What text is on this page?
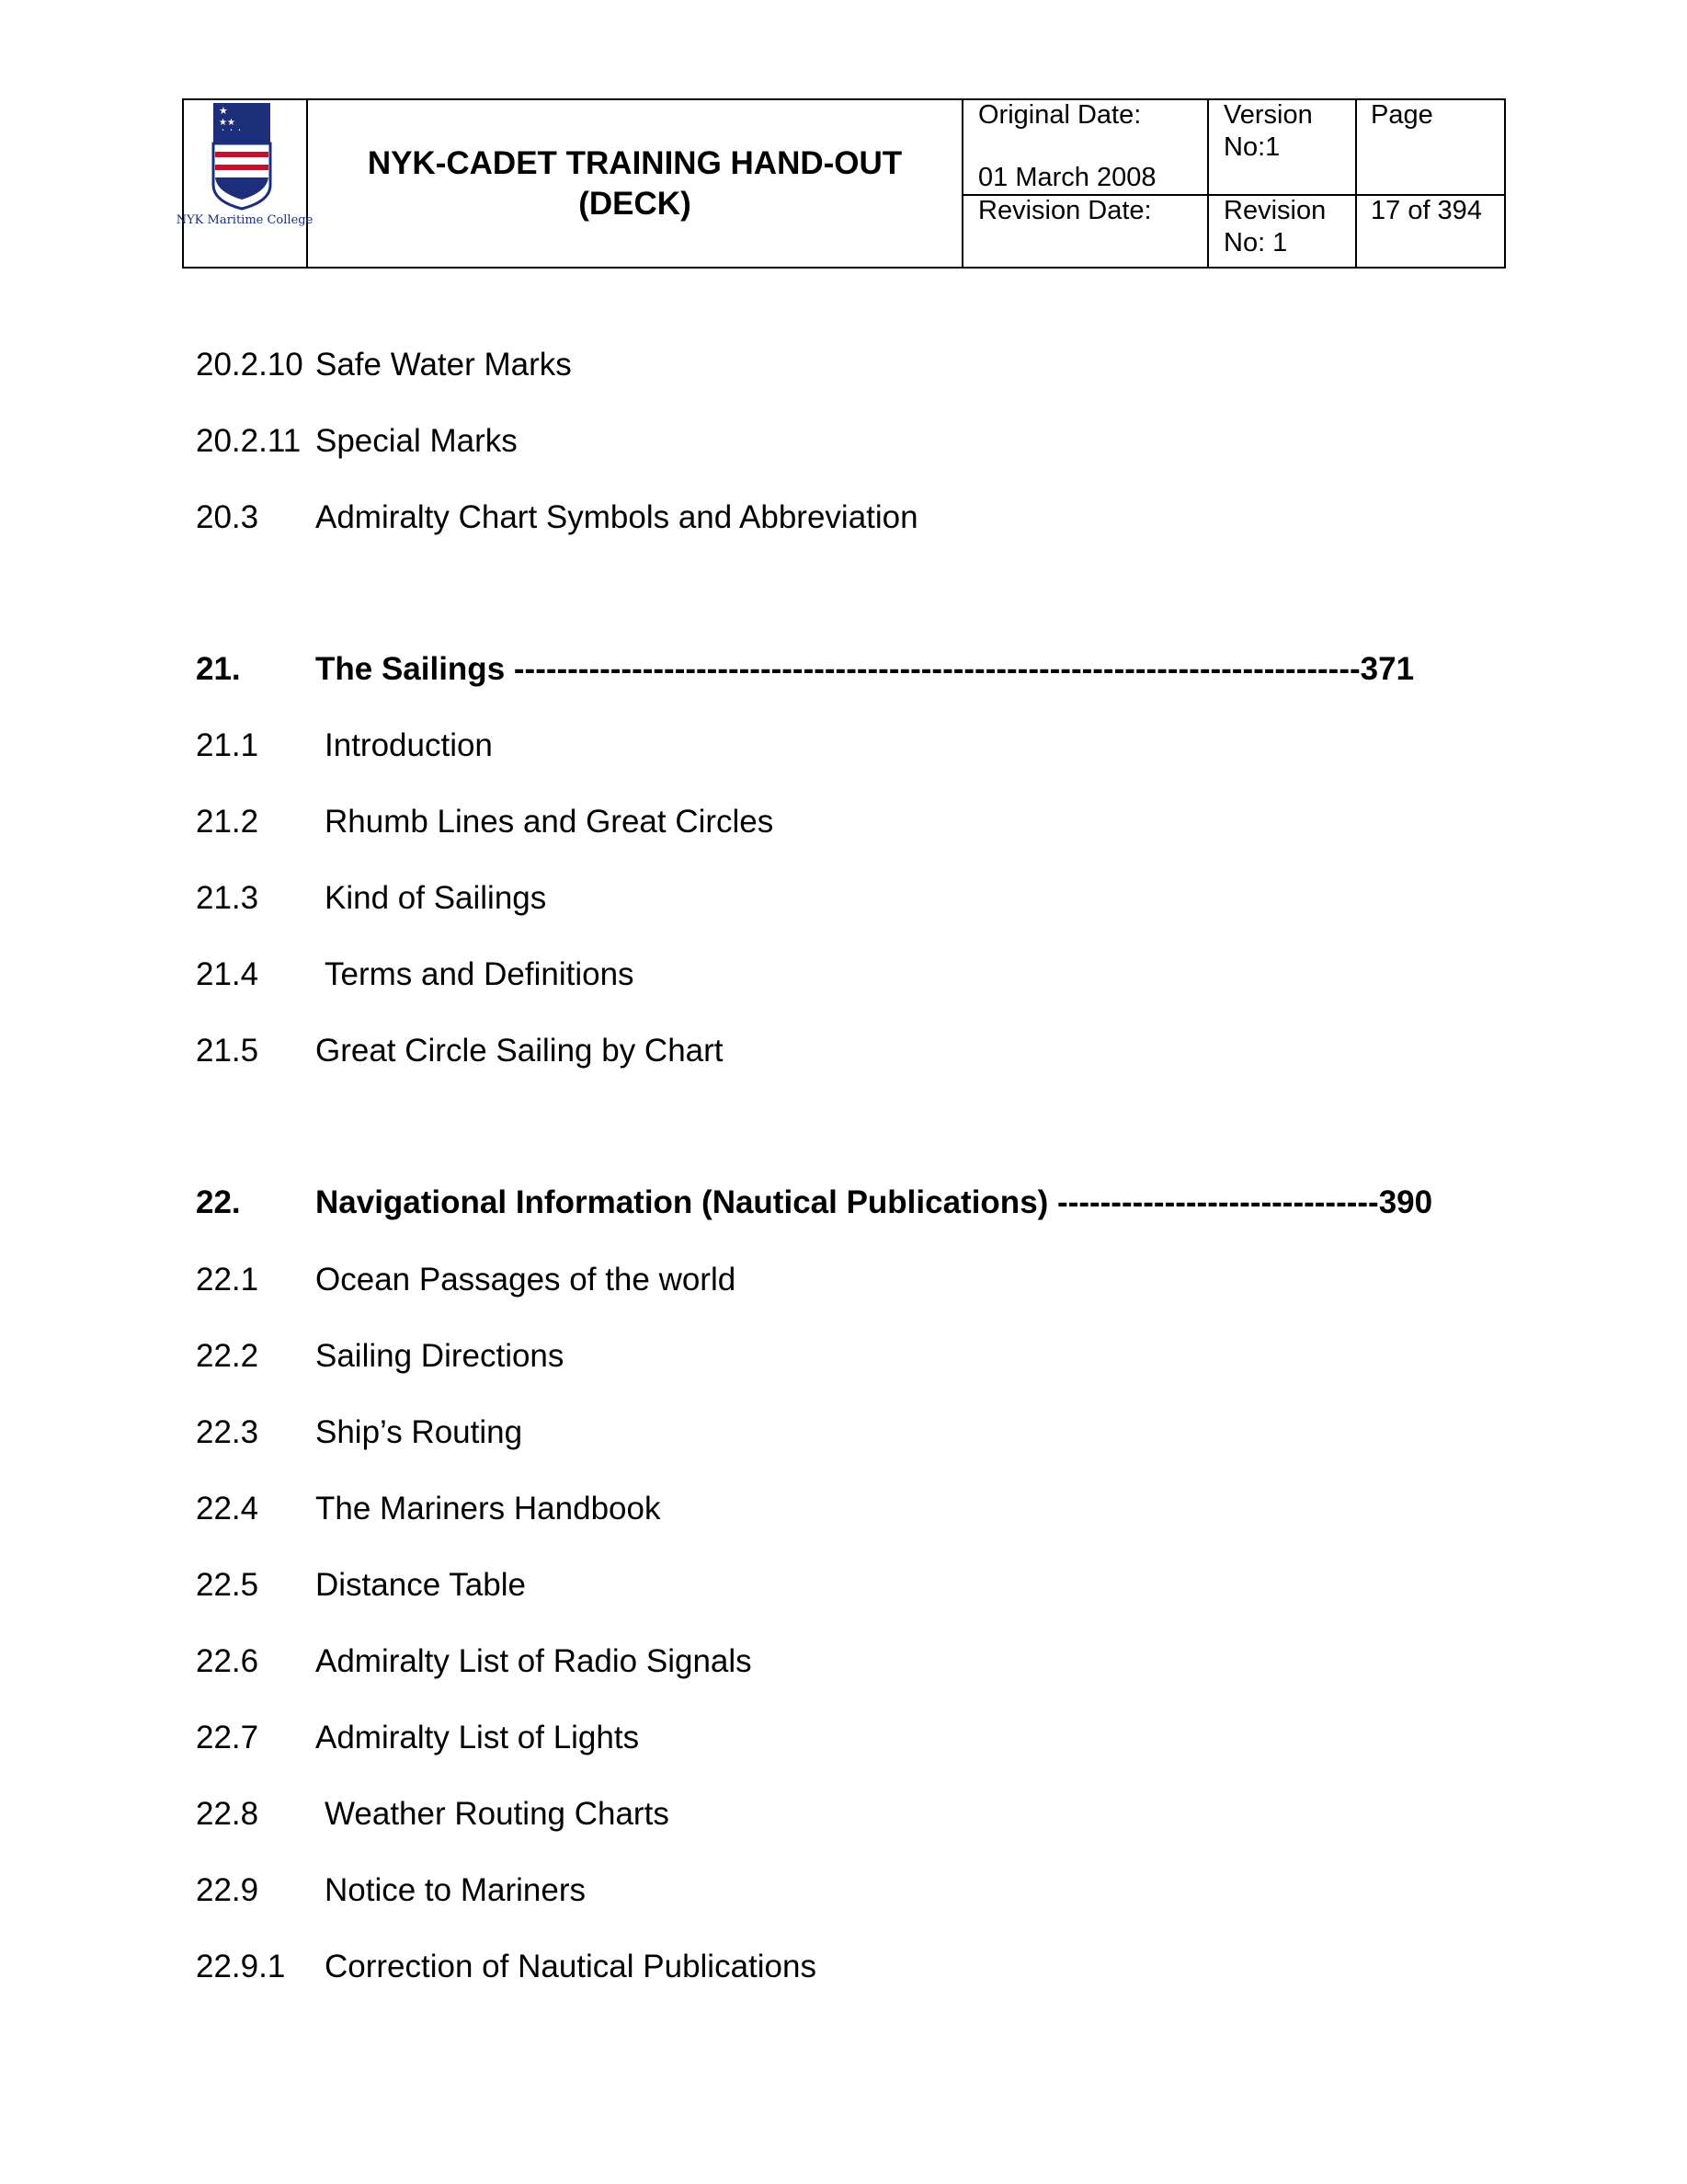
★
★★
NYK Maritime College
NYK-CADET TRAINING HAND-OUT
(DECK)
Original Date:
01 March 2008
Revision Date:
Version
No:1
Revision
No: 1
Page
17 of 394
20.2.10 Safe Water Marks
20.2.11 Special Marks
20.3 Admiralty Chart Symbols and Abbreviation
21. The Sailings -------------------------------------------------------------------------------371
21.1 Introduction
21.2 Rhumb Lines and Great Circles
21.3 Kind of Sailings
21.4 Terms and Definitions
21.5 Great Circle Sailing by Chart
22. Navigational Information (Nautical Publications) ------------------------------390
22.1 Ocean Passages of the world
22.2 Sailing Directions
22.3 Ship’s Routing
22.4 The Mariners Handbook
22.5 Distance Table
22.6 Admiralty List of Radio Signals
22.7 Admiralty List of Lights
22.8 Weather Routing Charts
22.9 Notice to Mariners
22.9.1 Correction of Nautical Publications
